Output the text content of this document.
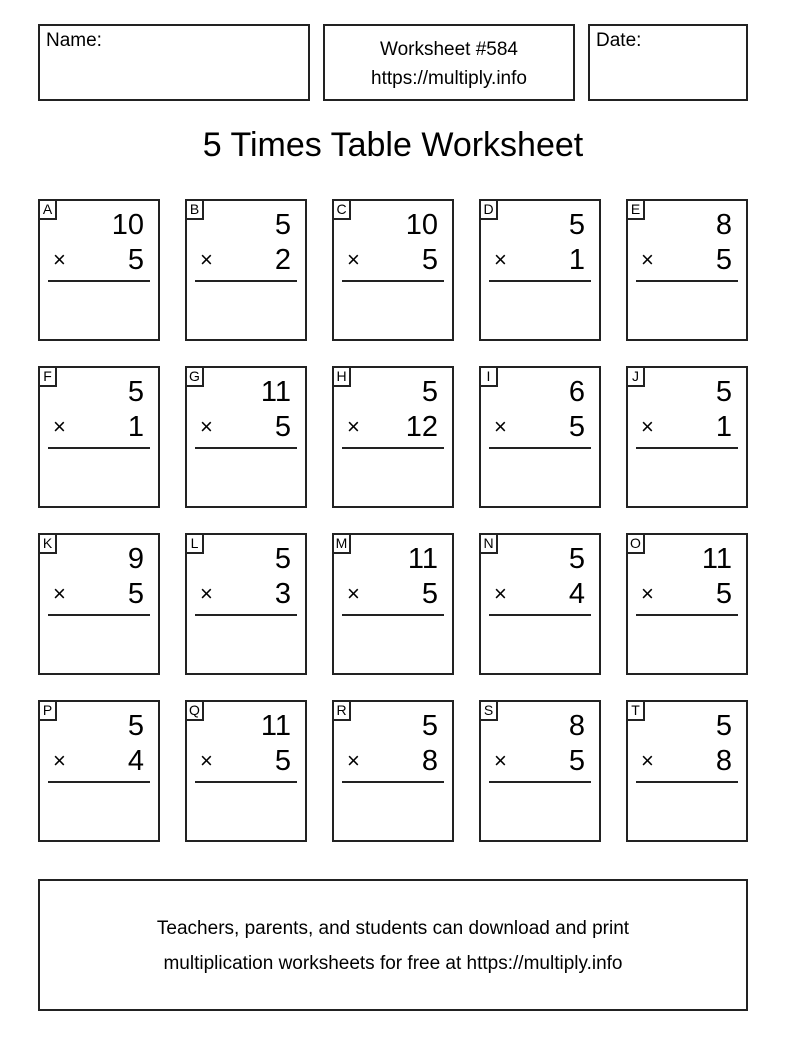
Name:	Worksheet #584
https://multiply.info
Date:
5 Times Table Worksheet
A 10
× 5
B	5
× 2
C 10
× 5
D	5
× 1
E	8
× 5
F	5
× 1
G 11
× 5
H	5
× 12
I	6
× 5
J	5
× 1
K	9
× 5
L	5
× 3
M 11
× 5
N	5
× 4
O 11
× 5
P	5
× 4
Q 11
× 5
R	5
× 8
S	8
× 5
T	5
× 8
Teachers, parents, and students can download and print
multiplication worksheets for free at https://multiply.info
